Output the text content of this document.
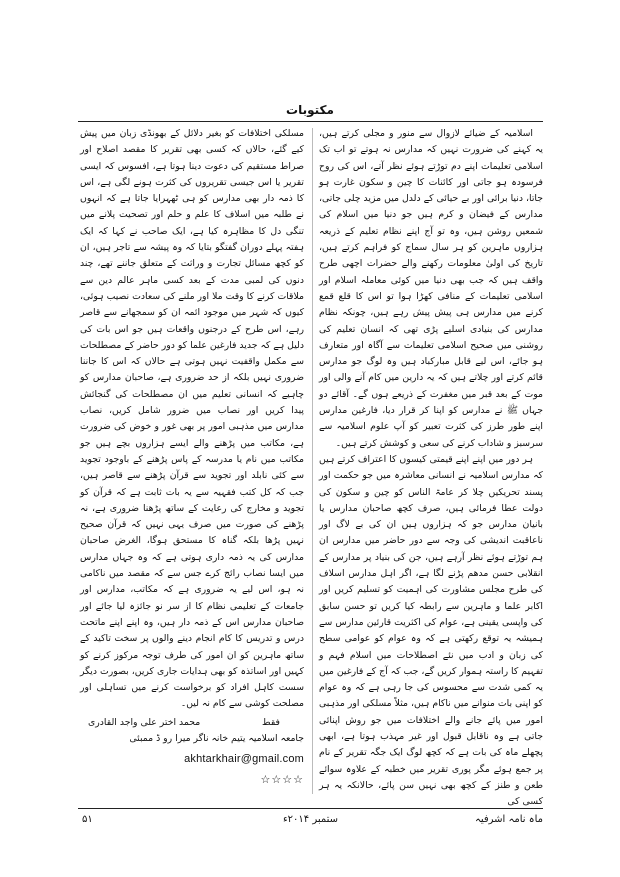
مکتوبات

اسلامیہ کے ضیائے لازوال سے منور و مجلی کرتے ہیں، یہ کہنے کی ضرورت نہیں کہ مدارس نہ ہوتے تو اب تک اسلامی تعلیمات اپنے دم توڑتے ہوئے نظر آتے، اس کی روح فرسودہ ہو جاتی اور کائنات کا چین و سکون غارت ہو جاتا، دنیا برائی اور بے حیائی کے دلدل میں مزید چلی جاتی، مدارس کے فیضان و کرم ہیں جو دنیا میں اسلام کی شمعیں روشن ہیں، وہ تو آج اپنے نظام تعلیم کے ذریعہ ہزاروں ماہرین کو ہر سال سماج کو فراہم کرتے ہیں، تاریخ کی اولیٰ معلومات رکھنے والے حضرات اچھی طرح واقف ہیں کہ جب بھی دنیا میں کوئی معاملہ اسلام اور اسلامی تعلیمات کے منافی کھڑا ہوا تو اس کا قلع قمع کرنے میں مدارس ہی پیش پیش رہے ہیں، چونکہ نظام مدارس کی بنیادی اسلیے پڑی تھی کہ انسان تعلیم کی روشنی میں صحیح اسلامی تعلیمات سے آگاہ اور متعارف ہو جائے، اس لیے قابل مبارکباد ہیں وہ لوگ جو مدارس قائم کرتے اور چلاتے ہیں کہ یہ دارین میں کام آنے والی اور موت کے بعد قبر میں مغفرت کے ذریعے ہوں گے۔ آقائے دو جہاں ﷺ نے مدارس کو اپنا کر قرار دیا، فارغین مدارس اپنے طور طرز کی کثرت تعبیر کو آپ علوم اسلامیہ سے سرسبز و شاداب کرنے کی سعی و کوشش کرتے ہیں۔

ہر دور میں اپنے اپنے قیمتی کیسوں کا اعتراف کرتے ہیں کہ مدارس اسلامیہ نے انسانی معاشرہ میں جو حکمت اور پسند تحریکیں چلا کر عامۃ الناس کو چین و سکون کی دولت عطا فرمائی ہیں، صرف کچھ صاحبان مدارس یا بانیان مدارس جو کہ ہزاروں ہیں ان کی بے لاگ اور ناعاقبت اندیشی کی وجہ سے دور حاضر میں مدارس ان ہم توڑتے ہوئے نظر آرہے ہیں، جن کی بنیاد پر مدارس کے انقلابی حسن مدھم پڑنے لگا ہے، اگر اہل مدارس اسلاف کی طرح مجلس مشاورت کی اہمیت کو تسلیم کریں اور اکابر علما و ماہرین سے رابطہ کیا کریں تو حسن سابق کی واپسی یقینی ہے، عوام کی اکثریت قارئین مدارس سے ہمیشہ یہ توقع رکھتی ہے کہ وہ عوام کو عوامی سطح کی زبان و ادب میں نئے اصطلاحات میں اسلام فہم و تفہیم کا راستہ ہموار کریں گے، جب کہ آج کے فارغین میں یہ کمی شدت سے محسوس کی جا رہی ہے کہ وہ عوام کو اپنی بات منوانے میں ناکام ہیں، مثلاً مسلکی اور مذہبی امور میں پائے جانے والے اختلافات میں جو روش اپنائی جاتی ہے وہ ناقابل قبول اور غیر مہذب ہوتا ہے، ابھی پچھلے ماہ کی بات ہے کہ کچھ لوگ ایک جگہ تقریر کے نام پر جمع ہوئے مگر پوری تقریر میں خطبہ کے علاوہ سوائے طعن و طنز کے کچھ بھی نہیں سن پائے، حالانکہ یہ ہر کسی کی

مسلکی اختلافات کو بغیر دلائل کے بھونڈی زبان میں پیش کیے گئے، حالاں کہ کسی بھی تقریر کا مقصد اصلاح اور صراط مستقیم کی دعوت دینا ہوتا ہے، افسوس کہ ایسی تقریر یا اس جیسی تقریروں کی کثرت ہونے لگی ہے، اس کا ذمہ دار بھی مدارس کو ہی ٹھہرایا جاتا ہے کہ انہوں نے طلبہ میں اسلاف کا علم و حلم اور تصحیت پلانے میں تنگی دل کا مظاہرہ کیا ہے، ایک صاحب نے کہا کہ ایک ہفتہ پہلے دوران گفتگو بتایا کہ وہ پیشہ سے تاجر ہیں، ان کو کچھ مسائل تجارت و وراثت کے متعلق جاننے تھے، چند دنوں کی لمبی مدت کے بعد کسی ماہر عالم دین سے ملاقات کرنے کا وقت ملا اور ملنے کی سعادت نصیب ہوئی، کیوں کہ شہر میں موجود ائمہ ان کو سمجھانے سے قاصر رہے، اس طرح کے درجنوں واقعات ہیں جو اس بات کی دلیل ہے کہ جدید فارغین علما کو دور حاضر کے مصطلحات سے مکمل واقفیت نہیں ہوتی ہے حالاں کہ اس کا جاننا ضروری نہیں بلکہ از حد ضروری ہے، صاحبان مدارس کو چاہیے کہ انسانی تعلیم میں ان مصطلحات کی گنجائش پیدا کریں اور نصاب میں ضرور شامل کریں، نصاب مدارس میں مذہبی امور پر بھی غور و خوض کی ضرورت ہے، مکاتب میں پڑھنے والے ایسے ہزاروں بچے ہیں جو مکاتب میں نام یا مدرسہ کے پاس پڑھنے کے باوجود تجوید سے کئی نابلد اور تجوید سے قرآن پڑھنے سے قاصر ہیں، جب کہ کل کتب فقہیہ سے یہ بات ثابت ہے کہ قرآن کو تجوید و مخارج کی رعایت کے ساتھ پڑھنا ضروری ہے، نہ پڑھنے کی صورت میں صرف یہی نہیں کہ قرآن صحیح نہیں پڑھا بلکہ گناہ کا مستحق ہوگا، الغرض صاحبان مدارس کی یہ ذمہ داری ہوتی ہے کہ وہ جہاں مدارس میں ایسا نصاب رائج کرے جس سے کہ مقصد میں ناکامی نہ ہو، اس لیے یہ ضروری ہے کہ مکاتب، مدارس اور جامعات کے تعلیمی نظام کا از سر نو جائزہ لیا جائے اور صاحبان مدارس اس کے ذمہ دار ہیں، وہ اپنے اپنے ماتحت درس و تدریس کا کام انجام دینے والوں پر سخت تاکید کے ساتھ ماہرین کو ان امور کی طرف توجہ مرکوز کرنے کو کہیں اور اساتذہ کو بھی ہدایات جاری کریں، بصورت دیگر سست کاہل افراد کو برخواست کرنے میں تساہلی اور مصلحت کوشی سے کام نہ لیں۔

فقط
محمد اختر علی واجد القادری
جامعہ اسلامیہ یتیم خانہ ناگر میرا رو ڈ ممبئی
akhtarkhair@gmail.com
☆☆☆☆
ماہ نامہ اشرفیہ
ستمبر ۲۰۱۴ء
۵۱
